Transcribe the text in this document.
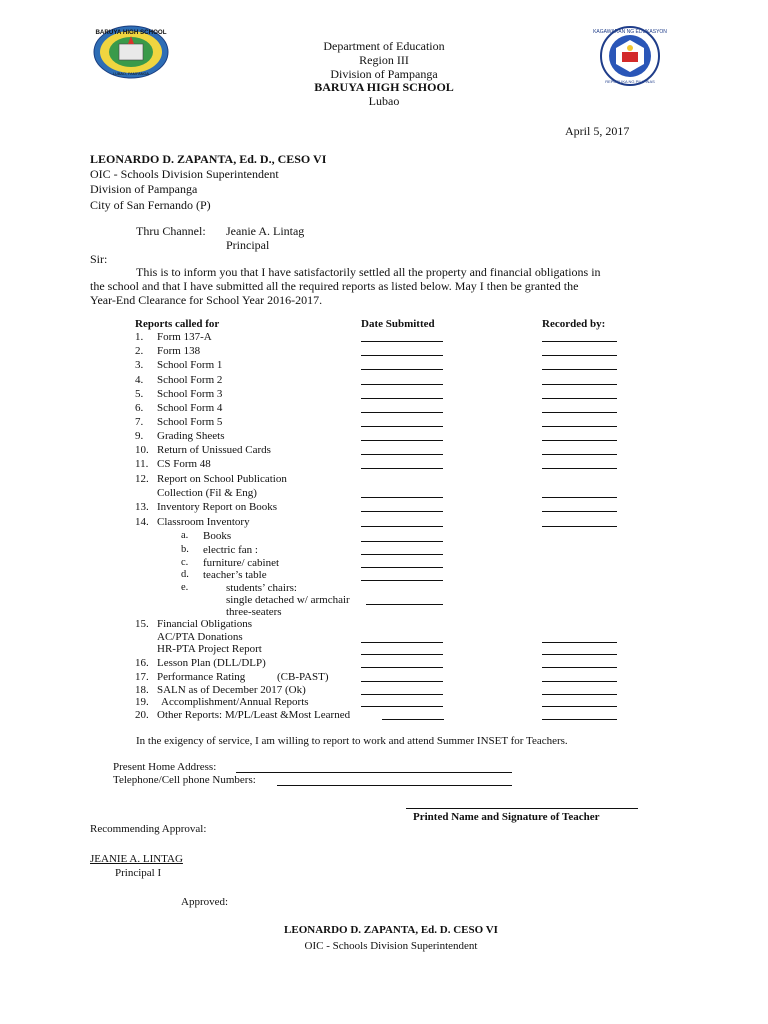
BARUYA HIGH SCHOOL
LUBAO, PAMPANGA
KAGAWARAN NG EDUKASYON
REPUBLIKA NG PILIPINAS
Department of Education
Region III
Division of Pampanga
BARUYA HIGH SCHOOL
Lubao
April 5, 2017
LEONARDO D. ZAPANTA, Ed. D., CESO VI
OIC - Schools Division Superintendent
Division of Pampanga
City of San Fernando (P)
Thru Channel: Jeanie A. Lintag
Principal
Sir:
This is to inform you that I have satisfactorily settled all the property and financial obligations in
the school and that I have submitted all the required reports as listed below. May I then be granted the
Year-End Clearance for School Year 2016-2017.
Reports called for	Date Submitted	Recorded by:
1. Form 137-A
2. Form 138
3. School Form 1
4. School Form 2
5. School Form 3
6. School Form 4
7. School Form 5
9. Grading Sheets
10. Return of Unissued Cards
11. CS Form 48
12. Report on School Publication
Collection (Fil & Eng)
13. Inventory Report on Books
14. Classroom Inventory
a. Books
b. electric fan :
c. furniture/ cabinet
d. teacher’s table
e.	students’ chairs:
single detached w/ armchair
three-seaters
15. Financial Obligations
AC/PTA Donations
HR-PTA Project Report
16. Lesson Plan (DLL/DLP)
17. Performance Rating	(CB-PAST)
18. SALN as of December 2017 (Ok)
19. Accomplishment/Annual Reports
20. Other Reports: M/PL/Least &Most Learned
In the exigency of service, I am willing to report to work and attend Summer INSET for Teachers.
Present Home Address:
Telephone/Cell phone Numbers:
Printed Name and Signature of Teacher
Recommending Approval:
JEANIE A. LINTAG
Principal I
Approved:
LEONARDO D. ZAPANTA, Ed. D. CESO VI
OIC - Schools Division Superintendent
